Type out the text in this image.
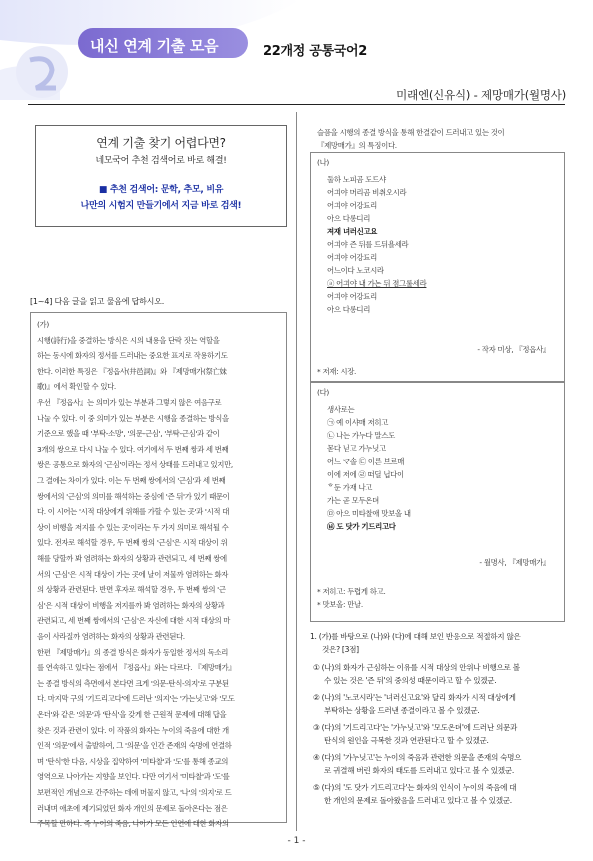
내신 연계 기출 모음	22개정 공통국어2
미래엔(신유식) - 제망매가(월명사)
연계 기출 찾기 어렵다면?
네모국어 추천 검색어로 바로 해결!
■ 추천 검색어: 문학, 추모, 비유
나만의 시험지 만들기에서 지금 바로 검색!
[1~4] 다음 글을 읽고 물음에 답하시오.
(가)
시행(詩行)을 중결하는 방식은 시의 내용을 단락 짓는 역할을
하는 동시에 화자의 정서를 드러내는 중요한 표지로 작용하기도
한다. 이러한 특징은 『정읍사(井邑詞)』와 『제망매가(祭亡妹
歌)』에서 확인할 수 있다.
우선 『정읍사』는 의미가 있는 부분과 그렇지 않은 여음구로
나눌 수 있다. 이 중 의미가 있는 부분은 시행을 종결하는 방식을
기준으로 했을 때 '부탁-소망', '의문-근심', '부탁-근심'과 같이
3개의 쌍으로 다시 나눌 수 있다. 여기에서 두 번째 쌍과 세 번째
쌍은 공통으로 화자의 '근심'이라는 정서 상태를 드러내고 있지만,
그 결에는 차이가 있다. 이는 두 번째 쌍에서의 '근심'과 세 번째
쌍에서의 '근심'의 의미를 해석하는 중심에 '즌 뒤'가 있기 때문이
다. 이 시어는 '시적 대상에게 위해를 가할 수 있는 곳'과 '시적 대
상이 비행을 저지를 수 있는 곳'이라는 두 가지 의미로 해석될 수
있다. 전자로 해석할 경우, 두 번째 쌍의 '근심'은 시적 대상이 위
해를 당할까 봐 염려하는 화자의 상황과 관련되고, 세 번째 쌍에
서의 '근심'은 시적 대상이 가는 곳에 날이 저물까 염려하는 화자
의 상황과 관련된다. 반면 후자로 해석할 경우, 두 번째 쌍의 '근
심'은 시적 대상이 비행을 저지를까 봐 염려하는 화자의 상황과
관련되고, 세 번째 쌍에서의 '근심'은 자신에 대한 시적 대상의 마
음이 사라질까 염려하는 화자의 상황과 관련된다.
한편 『제망매가』의 종결 방식은 화자가 동일한 정서의 독소리
를 연속하고 있다는 점에서 『정읍사』와는 다르다. 『제망매가』
는 종결 방식의 측면에서 본다면 크게 '의문-탄식-의지'로 구분된
다. 마지막 구의 '기드리고다'에 드러난 '의지'는 '가는닛고'와 '모도
온더'와 같은 '의문'과 '탄식'을 갖게 한 근원적 문제에 대해 답을
찾은 것과 관련이 있다. 이 작품의 화자는 누이의 죽음에 대한 개
인적 '의문'에서 출발하여, 그 '의문'을 인간 존재의 숙명에 연결하
며 '탄식'한 다음, 시상을 집약하여 '미타찰'과 '도'를 통해 종교의
영역으로 나아가는 지향을 보인다. 다만 여기서 '미타찰'과 '도'를
보편적인 개념으로 간주하는 데에 머물지 않고, '나'의 '의지'로 드
러내며 애초에 제기되었던 화자 개인의 문제로 돌아온다는 점은
주목할 만하다. 즉 누이의 죽음, 나아가 모든 인연에 대한 화자의
슬픔을 시행의 종결 방식을 통해 한결같이 드러내고 있는 것이
『제망매가』의 특징이다.
(나)
둘하 노피곰 도드샤
어긔야 머리곰 비취오시라
어긔야 어강됴리
아으 다롱디리
져재 녀러신고요
어긔야 즌 뒤를 드뒤욜세라
어긔야 어강됴리
어느이다 노코시라
ⓐ 어긔야 내 가논 뒤 졈그룰세라
어긔야 어강됴리
아으 다롱디리
- 작자 미상, 『정읍사』
* 저재: 시장.
(다)
생사로는
㉠ 예 이샤매 저히고
㉡ 나는 가누다 말스도
몯다 닏고 가누닛고
어느 マ솔 ㉢ 이른 브르매
이에 저에 ㉣ 떠딜 닙다이
ᄒ둔 가재 나고
가는 곧 모두온뎌
㉤ 아으 미타찰애 맛보올 내
㉥ 도 닷가 기드리고다
- 월명사, 『제망매가』
* 저히고: 두렵게 하고.
* 맛보올: 만날.
1. (가)를 바탕으로 (나)와 (다)에 대해 보인 반응으로 적절하지 않은
것은? [3점]
① (나)의 화자가 근심하는 이유를 시적 대상의 안위나 비행으로 볼
수 있는 것은 '즌 뒤'의 중의성 때문이라고 할 수 있겠군.
② (나)의 '노코시라'는 '녀러신고요'와 달리 화자가 시적 대상에게
부탁하는 상황을 드러낸 종결이라고 볼 수 있겠군.
③ (다)의 '기드리고다'는 '가누닛고'와 '모도온뎌'에 드러난 의문과
탄식의 원인을 극복한 것과 연관된다고 할 수 있겠군.
④ (다)의 '가누닛고'는 누이의 죽음과 관련한 의문을 존재의 숙명으
로 귀결해 버린 화자의 태도를 드러내고 있다고 볼 수 있겠군.
⑤ (다)의 '도 닷가 기드리고다'는 화자의 인식이 누이의 죽음에 대
한 개인의 문제로 돌아왔음을 드러내고 있다고 볼 수 있겠군.
- 1 -
